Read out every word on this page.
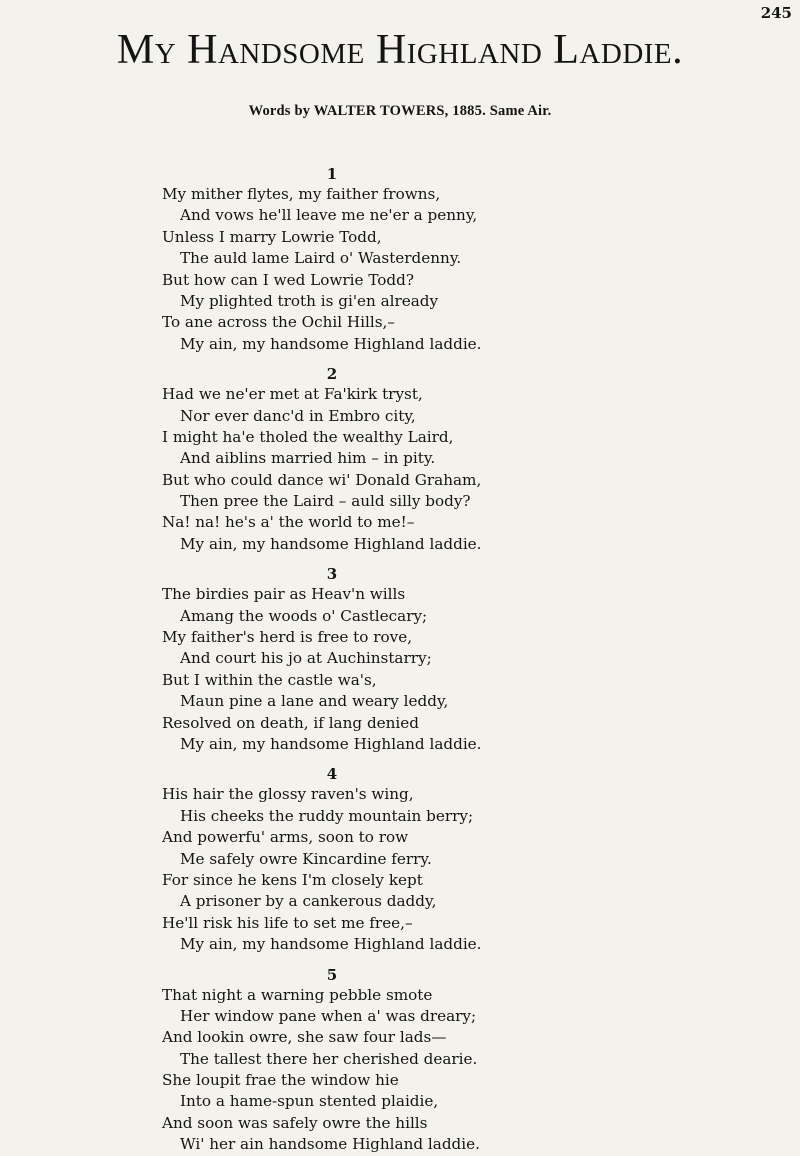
245
My Handsome Highland Laddie.
Words by WALTER TOWERS, 1885. Same Air.
1
My mither flytes, my faither frowns,
And vows he'll leave me ne'er a penny,
Unless I marry Lowrie Todd,
The auld lame Laird o' Wasterdenny.
But how can I wed Lowrie Todd?
My plighted troth is gi'en already
To ane across the Ochil Hills,–
My ain, my handsome Highland laddie.
2
Had we ne'er met at Fa'kirk tryst,
Nor ever danc'd in Embro city,
I might ha'e tholed the wealthy Laird,
And aiblins married him – in pity.
But who could dance wi' Donald Graham,
Then pree the Laird – auld silly body?
Na! na! he's a' the world to me!–
My ain, my handsome Highland laddie.
3
The birdies pair as Heav'n wills
Amang the woods o' Castlecary;
My faither's herd is free to rove,
And court his jo at Auchinstarry;
But I within the castle wa's,
Maun pine a lane and weary leddy,
Resolved on death, if lang denied
My ain, my handsome Highland laddie.
4
His hair the glossy raven's wing,
His cheeks the ruddy mountain berry;
And powerfu' arms, soon to row
Me safely owre Kincardine ferry.
For since he kens I'm closely kept
A prisoner by a cankerous daddy,
He'll risk his life to set me free,–
My ain, my handsome Highland laddie.
5
That night a warning pebble smote
Her window pane when a' was dreary;
And lookin owre, she saw four lads—
The tallest there her cherished dearie.
She loupit frae the window hie
Into a hame-spun stented plaidie,
And soon was safely owre the hills
Wi' her ain handsome Highland laddie.
